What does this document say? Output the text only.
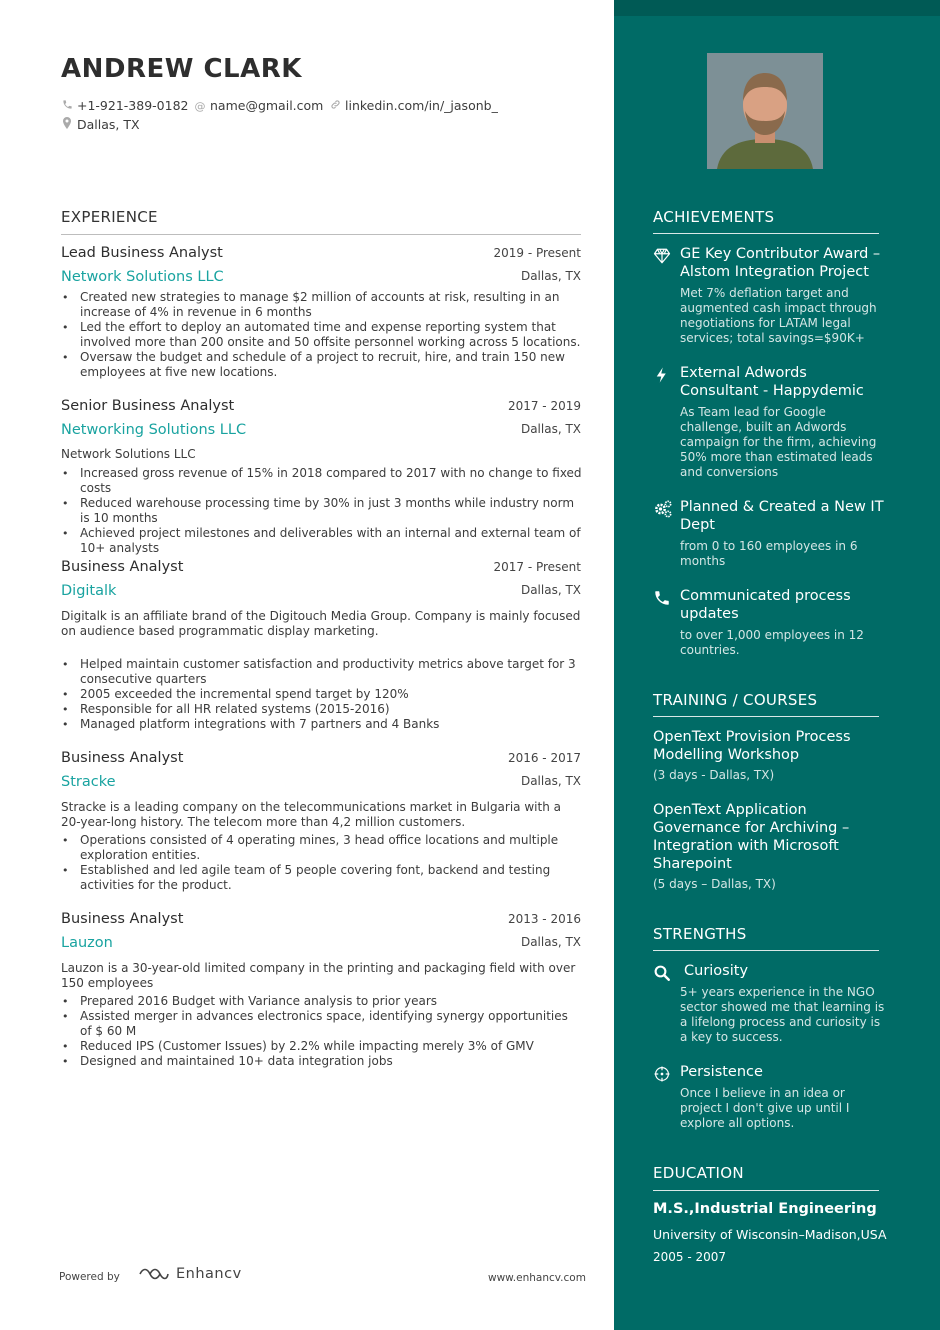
ANDREW CLARK
+1-921-389-0182 @ name@gmail.com	linkedin.com/in/_jasonb_
Dallas, TX
EXPERIENCE
Lead Business Analyst	2019 - Present
Network Solutions LLC	Dallas, TX
• Created new strategies to manage $2 million of accounts at risk, resulting in an increase of 4% in revenue in 6 months
• Led the effort to deploy an automated time and expense reporting system that involved more than 200 onsite and 50 offsite personnel working across 5 locations.
• Oversaw the budget and schedule of a project to recruit, hire, and train 150 new employees at five new locations.
Senior Business Analyst	2017 - 2019
Networking Solutions LLC	Dallas, TX
Network Solutions LLC
• Increased gross revenue of 15% in 2018 compared to 2017 with no change to fixed costs
• Reduced warehouse processing time by 30% in just 3 months while industry norm is 10 months
• Achieved project milestones and deliverables with an internal and external team of 10+ analysts
Business Analyst	2017 - Present
Digitalk	Dallas, TX
Digitalk is an affiliate brand of the Digitouch Media Group. Company is mainly focused on audience based programmatic display marketing.
• Helped maintain customer satisfaction and productivity metrics above target for 3 consecutive quarters
• 2005 exceeded the incremental spend target by 120%
• Responsible for all HR related systems (2015-2016)
• Managed platform integrations with 7 partners and 4 Banks
Business Analyst	2016 - 2017
Stracke	Dallas, TX
Stracke is a leading company on the telecommunications market in Bulgaria with a 20-year-long history. The telecom more than 4,2 million customers.
• Operations consisted of 4 operating mines, 3 head office locations and multiple exploration entities.
• Established and led agile team of 5 people covering font, backend and testing activities for the product.
Business Analyst	2013 - 2016
Lauzon	Dallas, TX
Lauzon is a 30-year-old limited company in the printing and packaging field with over 150 employees
• Prepared 2016 Budget with Variance analysis to prior years
• Assisted merger in advances electronics space, identifying synergy opportunities of $ 60 M
• Reduced IPS (Customer Issues) by 2.2% while impacting merely 3% of GMV
• Designed and maintained 10+ data integration jobs
Powered by	Enhancv	www.enhancv.com
ACHIEVEMENTS
GE Key Contributor Award – Alstom Integration Project
Met 7% deflation target and augmented cash impact through negotiations for LATAM legal services; total savings=$90K+
External Adwords Consultant - Happydemic
As Team lead for Google challenge, built an Adwords campaign for the firm, achieving 50% more than estimated leads and conversions
Planned & Created a New IT Dept
from 0 to 160 employees in 6 months
Communicated process updates
to over 1,000 employees in 12 countries.
TRAINING / COURSES
OpenText Provision Process Modelling Workshop
(3 days - Dallas, TX)
OpenText Application Governance for Archiving – Integration with Microsoft Sharepoint
(5 days – Dallas, TX)
STRENGTHS
Curiosity
5+ years experience in the NGO sector showed me that learning is a lifelong process and curiosity is a key to success.
Persistence
Once I believe in an idea or project I don't give up until I explore all options.
EDUCATION
M.S.,Industrial Engineering
University of Wisconsin–Madison,USA
2005 - 2007
